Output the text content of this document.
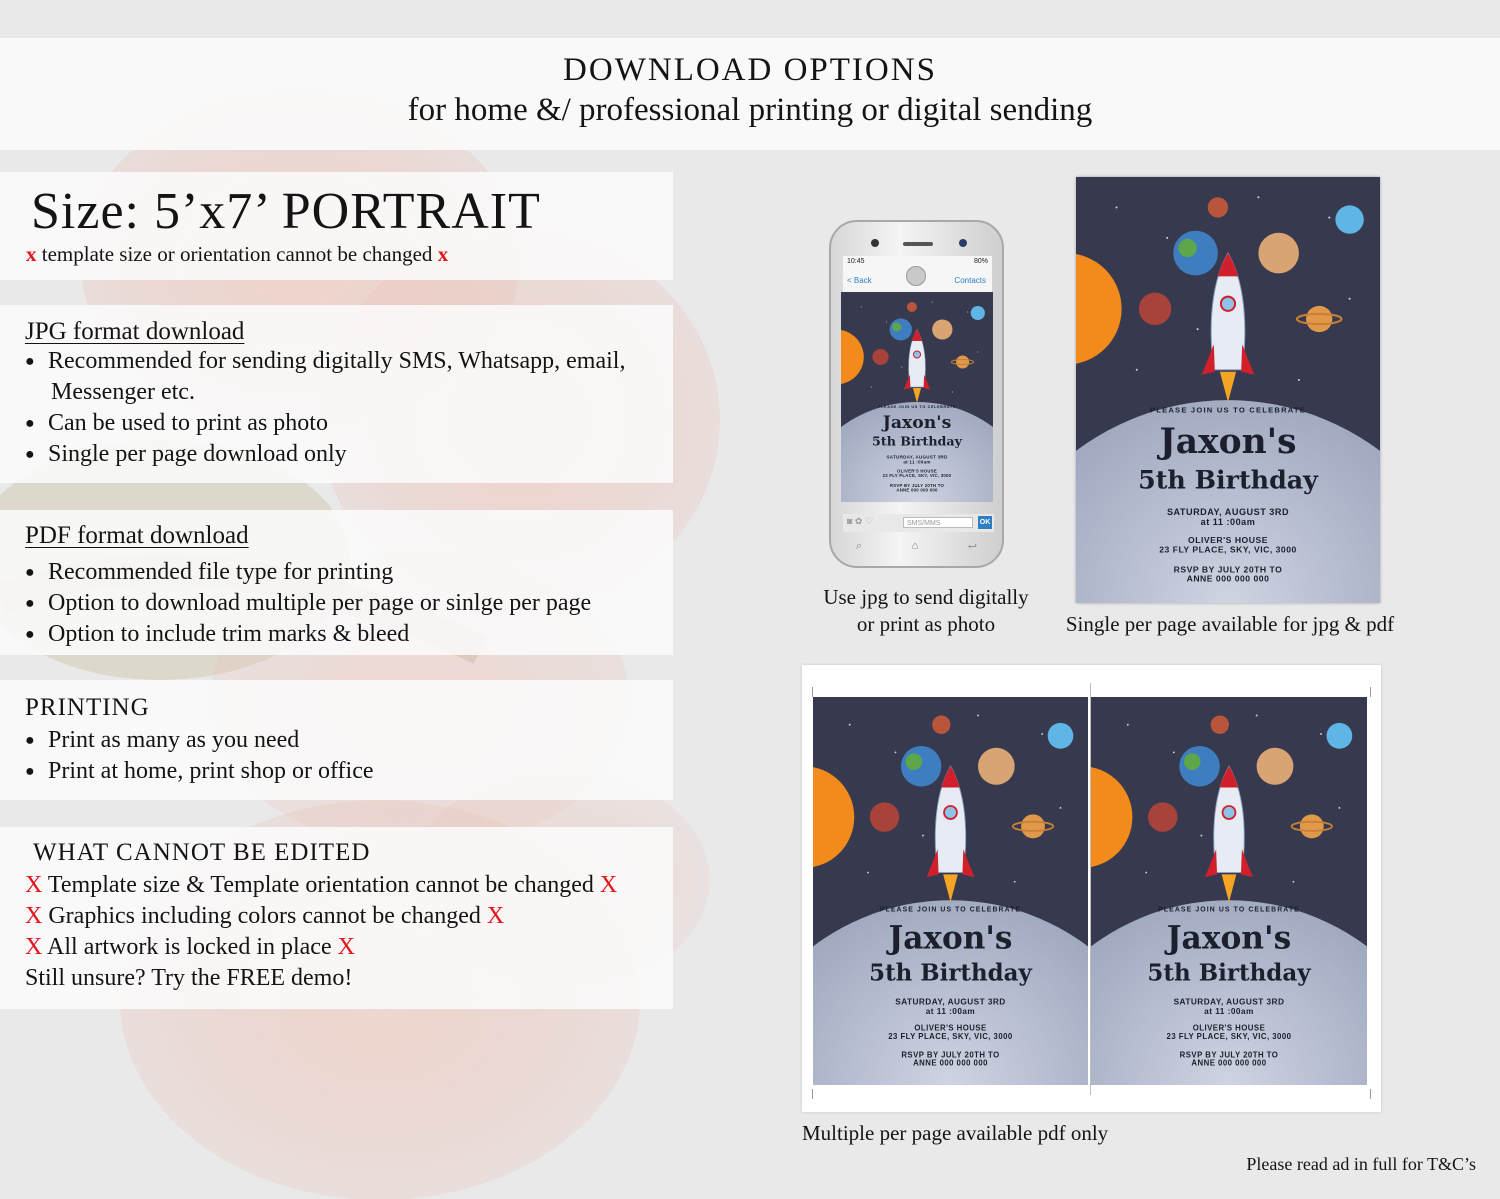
DOWNLOAD OPTIONS
for home &/ professional printing or digital sending
Size: 5’x7’ PORTRAIT
x template size or orientation cannot be changed x
JPG format download
● Recommended for sending digitally SMS, Whatsapp, email,
Messenger etc.
● Can be used to print as photo
● Single per page download only
PDF format download
● Recommended file type for printing
● Option to download multiple per page or sinlge per page
● Option to include trim marks & bleed
PRINTING
● Print as many as you need
● Print at home, print shop or office
WHAT CANNOT BE EDITED
X Template size & Template orientation cannot be changed X
X Graphics including colors cannot be changed X
X All artwork is locked in place X
Still unsure? Try the FREE demo!
10:45	80%
< Back	Contacts
◙ ✿ ♡	SMS/MMS	OK
⌕	⌂	↩
PLEASE JOIN US TO CELEBRATE
Jaxon's
5th Birthday
SATURDAY, AUGUST 3RD
at 11 :00am
OLIVER'S HOUSE
23 FLY PLACE, SKY, VIC, 3000
RSVP BY JULY 20TH TO
ANNE 000 000 000
PLEASE JOIN US TO CELEBRATE
Jaxon's
5th Birthday
SATURDAY, AUGUST 3RD
at 11 :00am
OLIVER'S HOUSE
23 FLY PLACE, SKY, VIC, 3000
RSVP BY JULY 20TH TO
ANNE 000 000 000
Use jpg to send digitally
or print as photo	Single per page available for jpg & pdf
PLEASE JOIN US TO CELEBRATE
Jaxon's
5th Birthday
SATURDAY, AUGUST 3RD
at 11 :00am
OLIVER'S HOUSE
23 FLY PLACE, SKY, VIC, 3000
RSVP BY JULY 20TH TO
ANNE 000 000 000
PLEASE JOIN US TO CELEBRATE
Jaxon's
5th Birthday
SATURDAY, AUGUST 3RD
at 11 :00am
OLIVER'S HOUSE
23 FLY PLACE, SKY, VIC, 3000
RSVP BY JULY 20TH TO
ANNE 000 000 000
Multiple per page available pdf only
Please read ad in full for T&C’s
